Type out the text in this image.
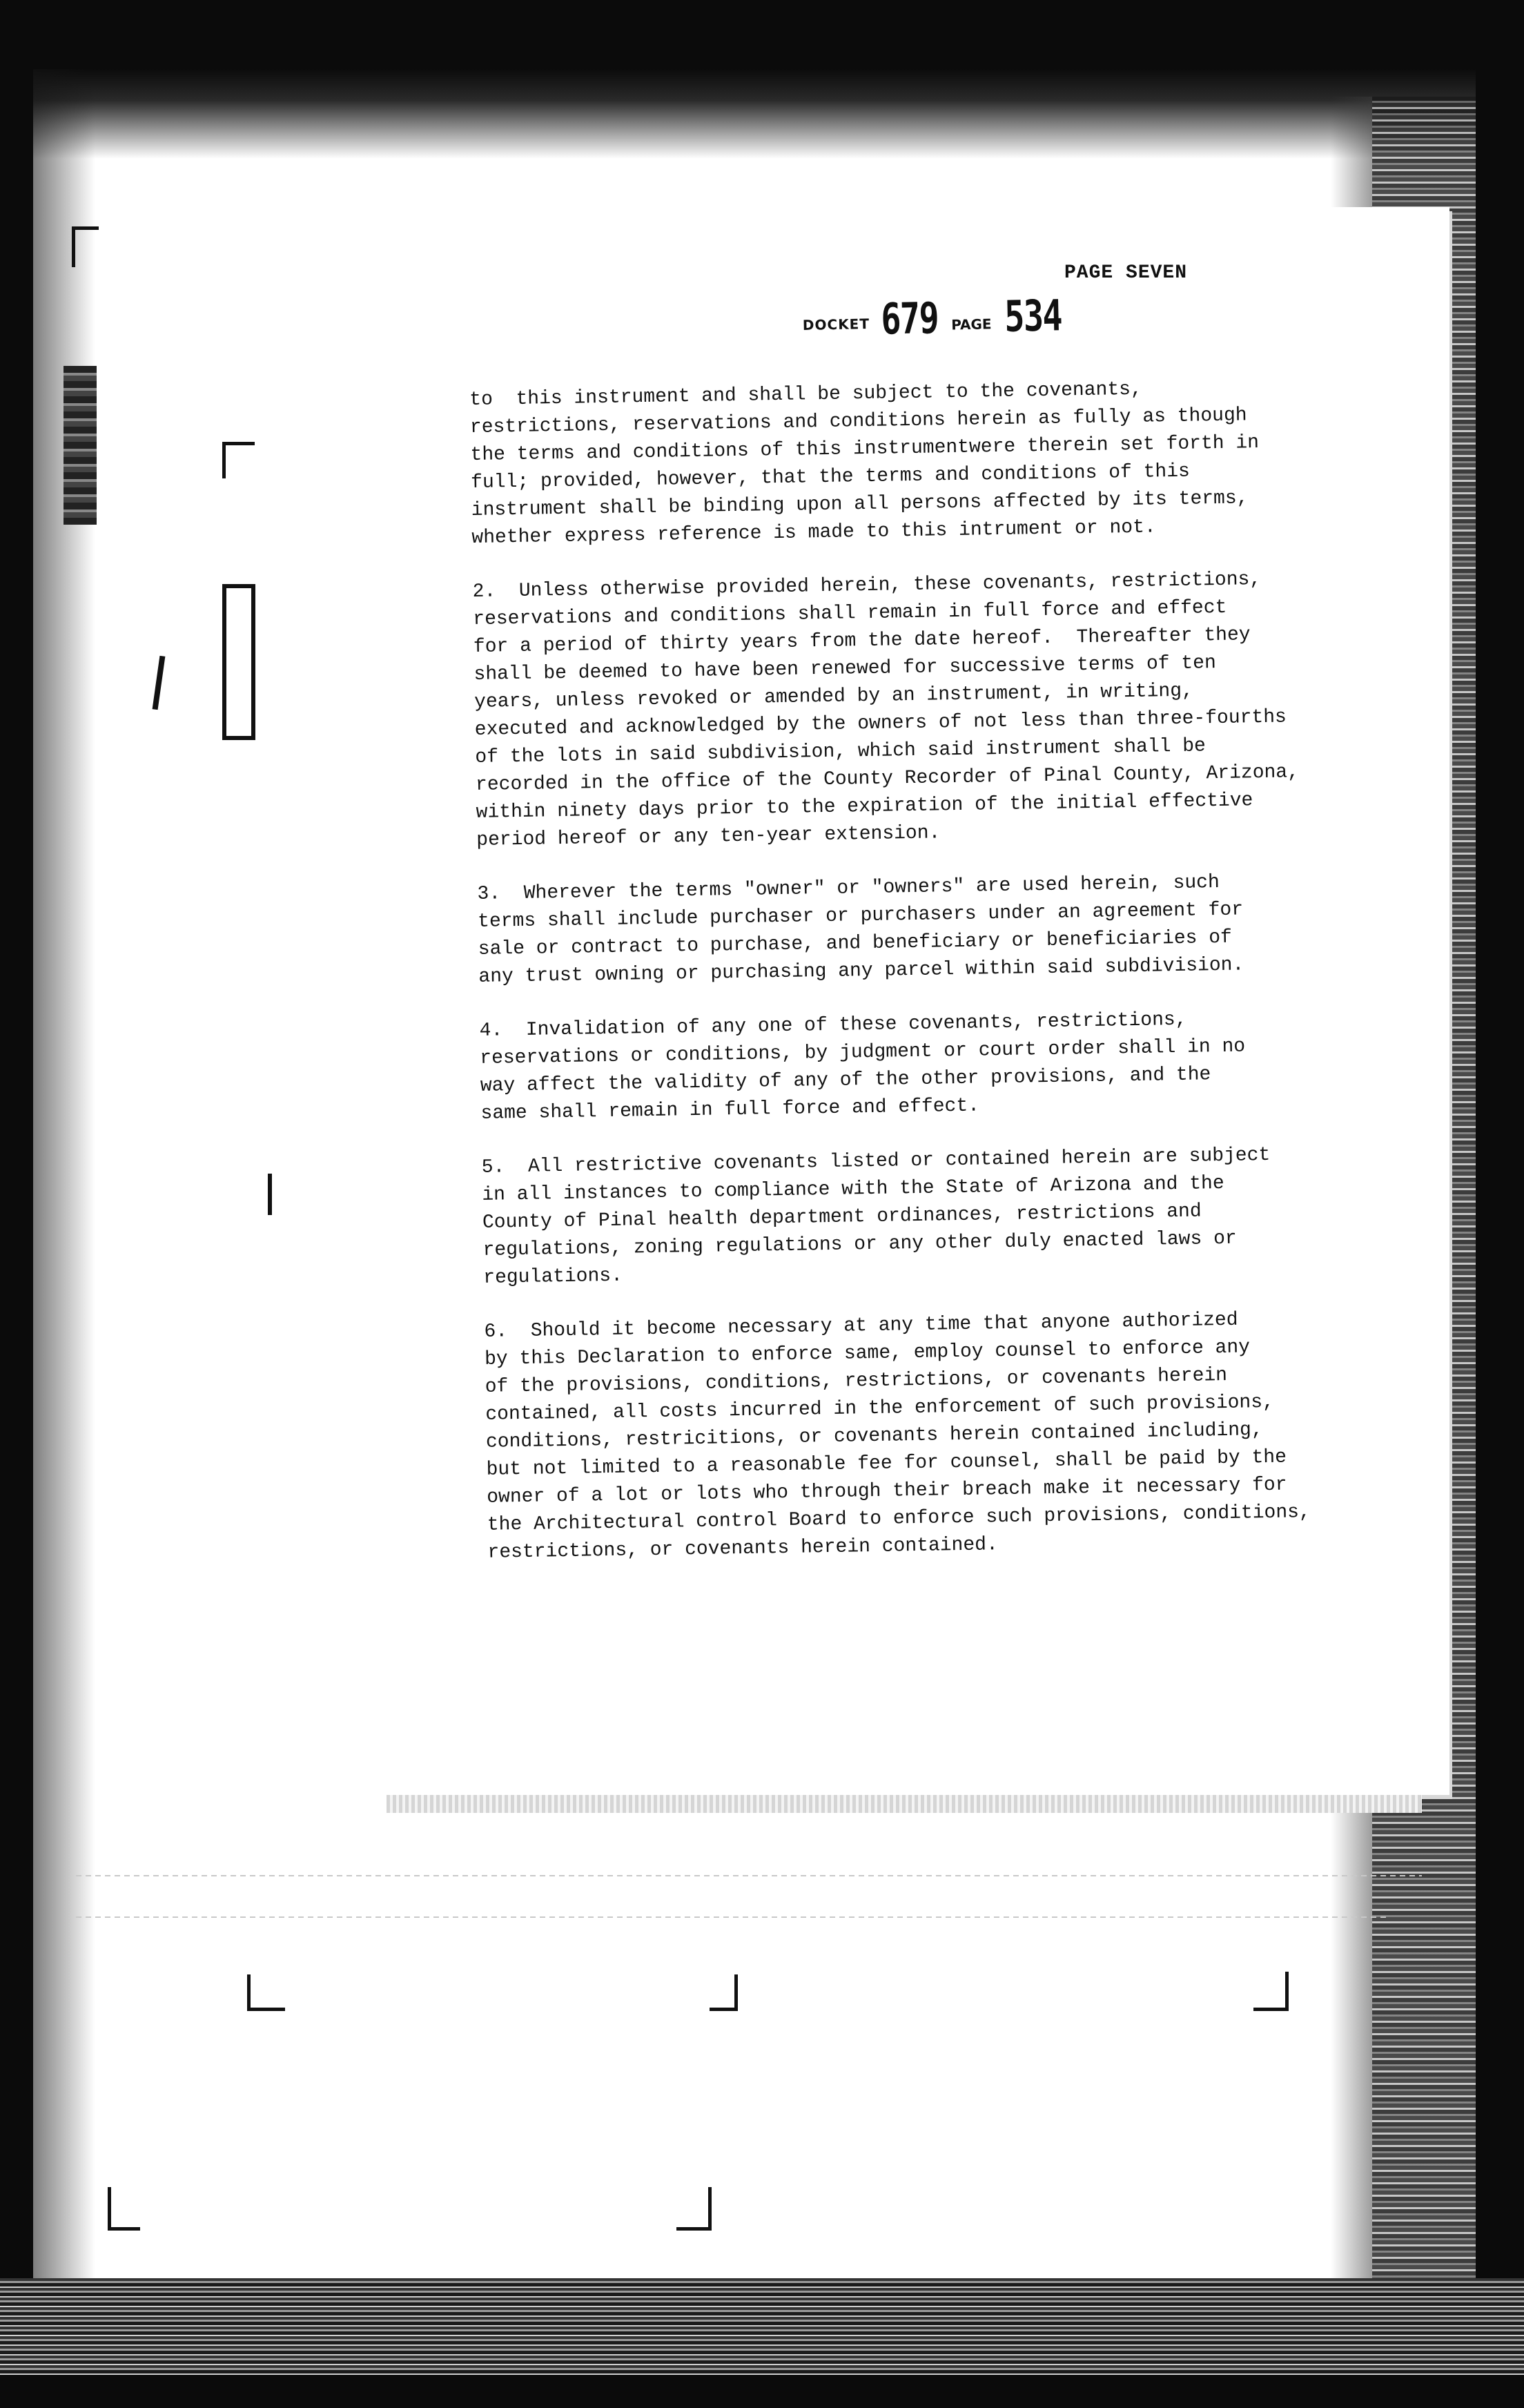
PAGE SEVEN
DOCKET 679 PAGE 534
to  this instrument and shall be subject to the covenants,
restrictions, reservations and conditions herein as fully as though
the terms and conditions of this instrumentwere therein set forth in
full; provided, however, that the terms and conditions of this
instrument shall be binding upon all persons affected by its terms,
whether express reference is made to this intrument or not.
2.  Unless otherwise provided herein, these covenants, restrictions,
reservations and conditions shall remain in full force and effect
for a period of thirty years from the date hereof.  Thereafter they
shall be deemed to have been renewed for successive terms of ten
years, unless revoked or amended by an instrument, in writing,
executed and acknowledged by the owners of not less than three-fourths
of the lots in said subdivision, which said instrument shall be
recorded in the office of the County Recorder of Pinal County, Arizona,
within ninety days prior to the expiration of the initial effective
period hereof or any ten-year extension.
3.  Wherever the terms "owner" or "owners" are used herein, such
terms shall include purchaser or purchasers under an agreement for
sale or contract to purchase, and beneficiary or beneficiaries of
any trust owning or purchasing any parcel within said subdivision.
4.  Invalidation of any one of these covenants, restrictions,
reservations or conditions, by judgment or court order shall in no
way affect the validity of any of the other provisions, and the
same shall remain in full force and effect.
5.  All restrictive covenants listed or contained herein are subject
in all instances to compliance with the State of Arizona and the
County of Pinal health department ordinances, restrictions and
regulations, zoning regulations or any other duly enacted laws or
regulations.
6.  Should it become necessary at any time that anyone authorized
by this Declaration to enforce same, employ counsel to enforce any
of the provisions, conditions, restrictions, or covenants herein
contained, all costs incurred in the enforcement of such provisions,
conditions, restricitions, or covenants herein contained including,
but not limited to a reasonable fee for counsel, shall be paid by the
owner of a lot or lots who through their breach make it necessary for
the Architectural control Board to enforce such provisions, conditions,
restrictions, or covenants herein contained.
